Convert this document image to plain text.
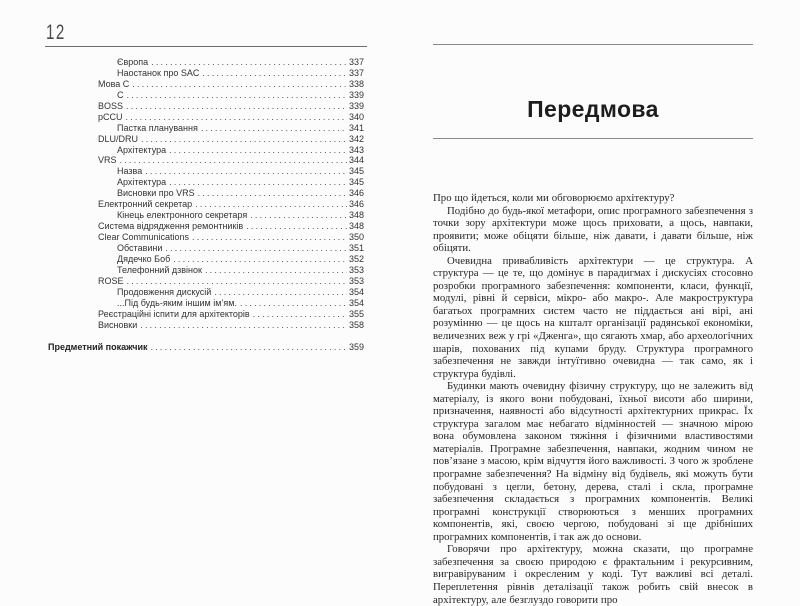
12
Європа .....	337
Наостанок про SAC .....	337
Мова C .....	338
C .....	339
BOSS .....	339
pCCU .....	340
Пастка планування .....	341
DLU/DRU .....	342
Архітектура .....	343
VRS .....	344
Назва .....	345
Архітектура .....	345
Висновки про VRS .....	346
Електронний секретар .....	346
Кінець електронного секретаря .....	348
Система відрядження ремонтників .....	348
Clear Communications .....	350
Обставини .....	351
Дядечко Боб .....	352
Телефонний дзвінок .....	353
ROSE .....	353
Продовження дискусій .....	354
...Під будь-яким іншим ім’ям. .....	354
Реєстраційні іспити для архітекторів .....	355
Висновки .....	358
Предметний покажчик .....	359
Передмова

Про що йдеться, коли ми обговорюємо архітектуру?

Подібно до будь-якої метафори, опис програмного забезпечення з точки зору архітектури може щось приховати, а щось, навпаки, проявити; може обіцяти більше, ніж давати, і давати більше, ніж обіцяти.

Очевидна привабливість архітектури — це структура. А структура — це те, що домінує в парадигмах і дискусіях стосовно розробки програмного забезпечення: компоненти, класи, функції, модулі, рівні й сервіси, мікро- або макро-. Але макроструктура багатьох програмних систем часто не піддається ані вірі, ані розумінню — це щось на кшталт організації радянської економіки, величезних веж у грі «Дженга», що сягають хмар, або археологічних шарів, похованих під купами бруду. Структура програмного забезпечення не завжди інтуїтивно очевидна — так само, як і структура будівлі.

Будинки мають очевидну фізичну структуру, що не залежить від матеріалу, із якого вони побудовані, їхньої висоти або ширини, призначення, наявності або відсутності архітектурних прикрас. Їх структура загалом має небагато відмінностей — значною мірою вона обумовлена законом тяжіння і фізичними властивостями матеріалів. Програмне забезпечення, навпаки, жодним чином не пов’язане з масою, крім відчуття його важливості. З чого ж зроблене програмне забезпечення? На відміну від будівель, які можуть бути побудовані з цегли, бетону, дерева, сталі і скла, програмне забезпечення складається з програмних компонентів. Великі програмні конструкції створюються з менших програмних компонентів, які, своєю чергою, побудовані зі ще дрібніших програмних компонентів, і так аж до основи.

Говорячи про архітектуру, можна сказати, що програмне забезпечення за своєю природою є фрактальним і рекурсивним, вигравіруваним і окресленим у коді. Тут важливі всі деталі. Переплетення рівнів деталізації також робить свій внесок в архітектуру, але безглуздо говорити про
